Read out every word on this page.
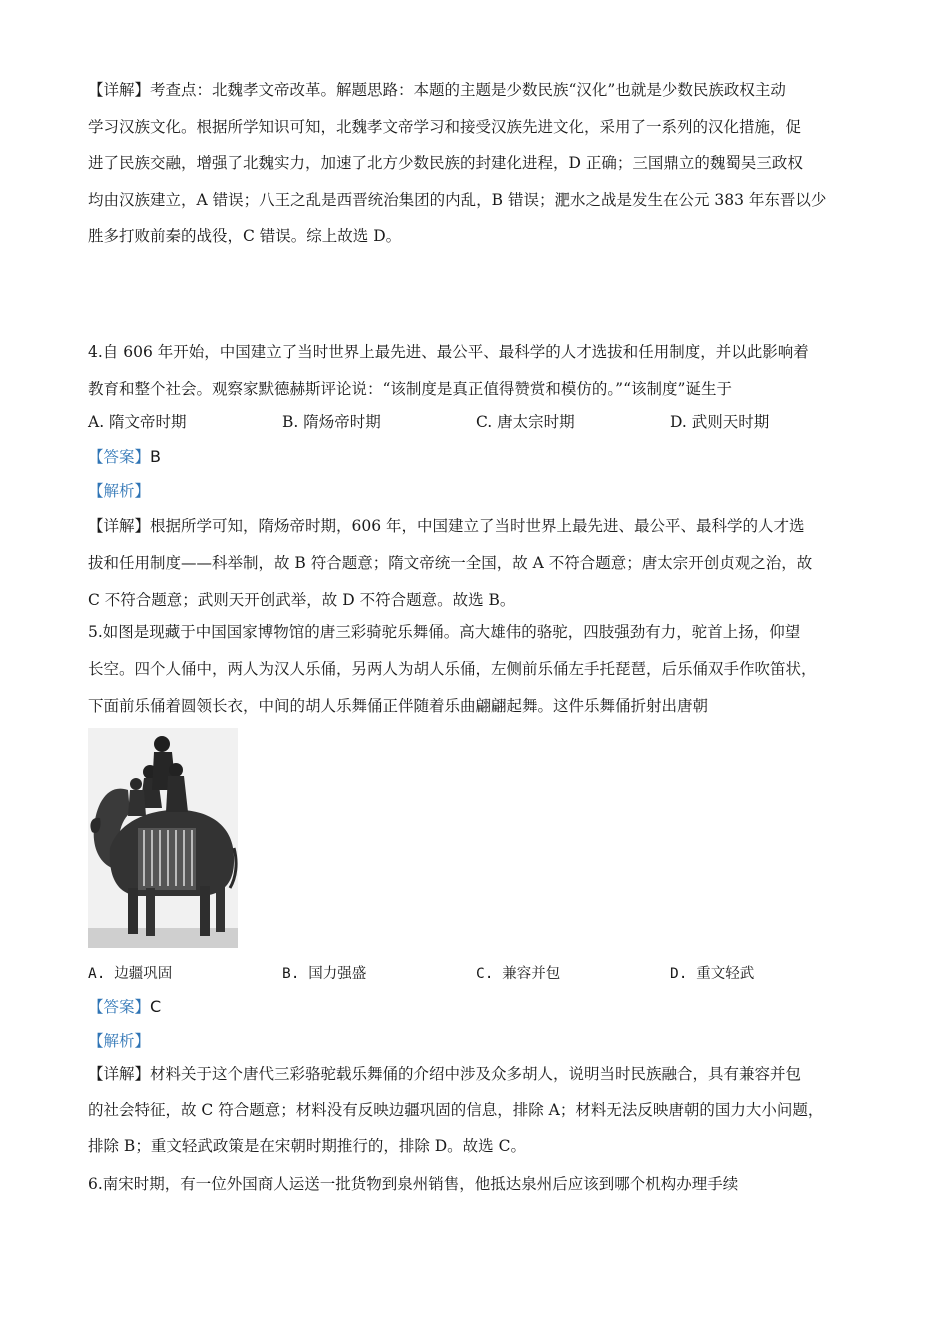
【详解】考查点：北魏孝文帝改革。解题思路：本题的主题是少数民族“汉化”也就是少数民族政权主动
学习汉族文化。根据所学知识可知，北魏孝文帝学习和接受汉族先进文化，采用了一系列的汉化措施，促
进了民族交融，增强了北魏实力，加速了北方少数民族的封建化进程，D 正确；三国鼎立的魏蜀吴三政权
均由汉族建立，A 错误；八王之乱是西晋统治集团的内乱，B 错误；淝水之战是发生在公元 383 年东晋以少
胜多打败前秦的战役，C 错误。综上故选 D。
4.自 606 年开始，中国建立了当时世界上最先进、最公平、最科学的人才选拔和任用制度，并以此影响着
教育和整个社会。观察家默德赫斯评论说：“该制度是真正值得赞赏和模仿的。”“该制度”诞生于
A. 隋文帝时期	B. 隋炀帝时期	C. 唐太宗时期	D. 武则天时期
【答案】B
【解析】
【详解】根据所学可知，隋炀帝时期，606 年，中国建立了当时世界上最先进、最公平、最科学的人才选
拔和任用制度——科举制，故 B 符合题意；隋文帝统一全国，故 A 不符合题意；唐太宗开创贞观之治，故
C 不符合题意；武则天开创武举，故 D 不符合题意。故选 B。
5.如图是现藏于中国国家博物馆的唐三彩骑驼乐舞俑。高大雄伟的骆驼，四肢强劲有力，驼首上扬，仰望
长空。四个人俑中，两人为汉人乐俑，另两人为胡人乐俑，左侧前乐俑左手托琵琶，后乐俑双手作吹笛状，
下面前乐俑着圆领长衣，中间的胡人乐舞俑正伴随着乐曲翩翩起舞。这件乐舞俑折射出唐朝
A. 边疆巩固	B. 国力强盛	C. 兼容并包	D. 重文轻武
【答案】C
【解析】
【详解】材料关于这个唐代三彩骆驼载乐舞俑的介绍中涉及众多胡人，说明当时民族融合，具有兼容并包
的社会特征，故 C 符合题意；材料没有反映边疆巩固的信息，排除 A；材料无法反映唐朝的国力大小问题，
排除 B；重文轻武政策是在宋朝时期推行的，排除 D。故选 C。
6.南宋时期，有一位外国商人运送一批货物到泉州销售，他抵达泉州后应该到哪个机构办理手续
